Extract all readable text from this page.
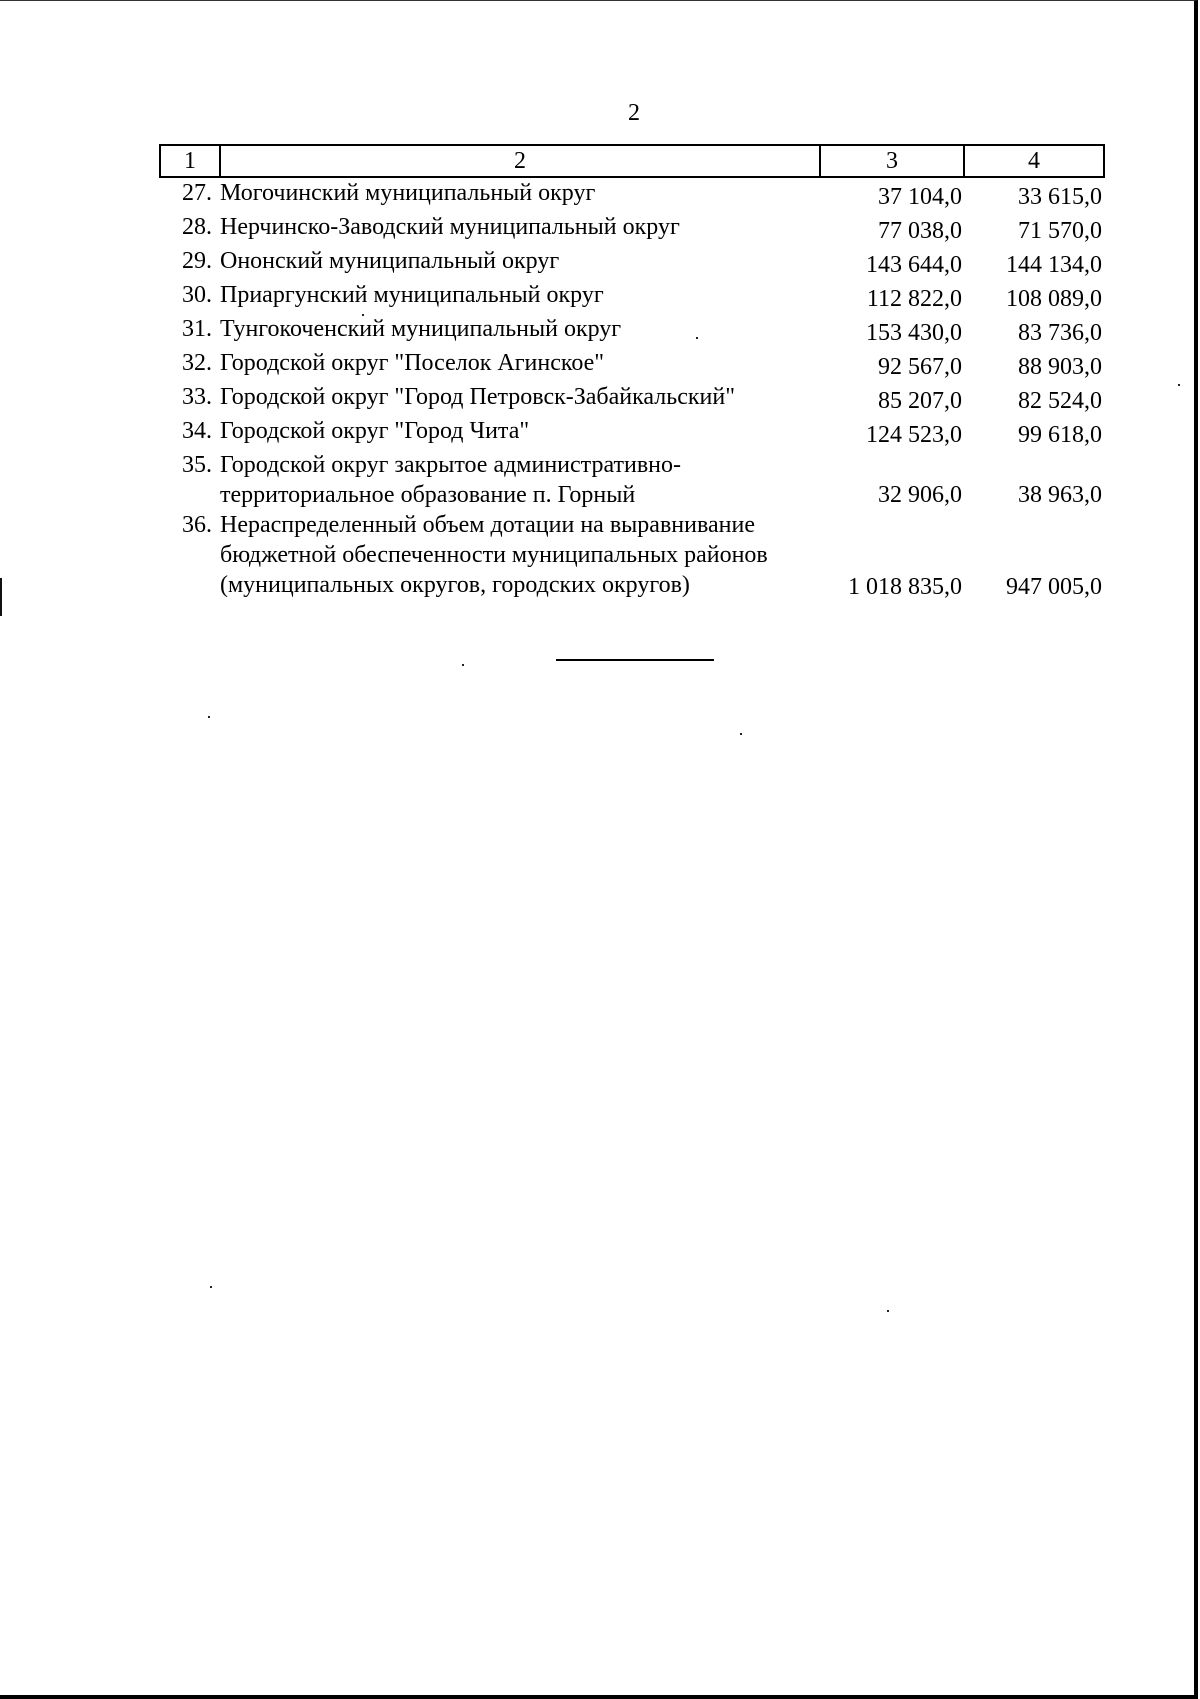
2
1	2	3	4
27.	Могочинский муниципальный округ	37 104,0	33 615,0
28.	Нерчинско-Заводский муниципальный округ	77 038,0	71 570,0
29.	Ононский муниципальный округ	143 644,0	144 134,0
30.	Приаргунский муниципальный округ	112 822,0	108 089,0
31.	Тунгокоченский муниципальный округ	153 430,0	83 736,0
32.	Городской округ "Поселок Агинское"	92 567,0	88 903,0
33.	Городской округ "Город Петровск-Забайкальский"	85 207,0	82 524,0
34.	Городской округ "Город Чита"	124 523,0	99 618,0
35.	Городской округ закрытое административно-
территориальное образование п. Горный	32 906,0	38 963,0
36.	Нераспределенный объем дотации на выравнивание
бюджетной обеспеченности муниципальных районов
(муниципальных округов, городских округов)	1 018 835,0	947 005,0
